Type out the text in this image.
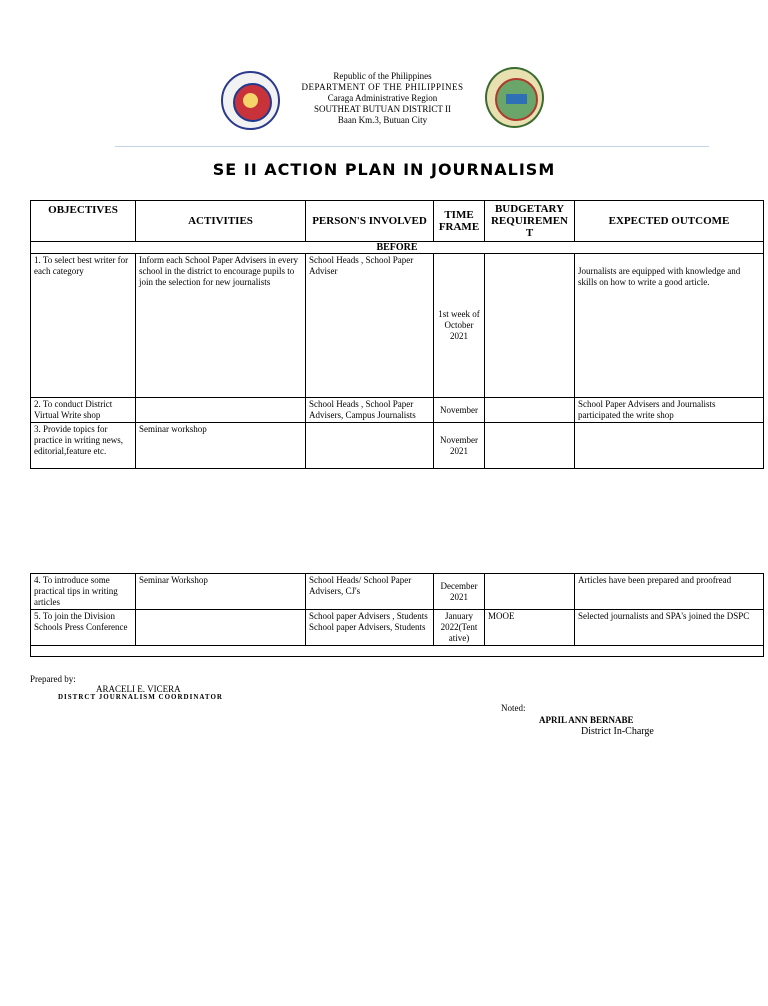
Republic of the Philippines
DEPARTMENT OF THE PHILIPPINES
Caraga Administrative Region
SOUTHEAT BUTUAN DISTRICT II
Baan Km.3, Butuan City
SE II ACTION PLAN IN JOURNALISM
OBJECTIVES	ACTIVITIES	PERSON'S INVOLVED	TIME FRAME	BUDGETARY REQUIREMEN T	EXPECTED OUTCOME
BEFORE					
1. To select best writer for each category	Inform each School Paper Advisers in every school in the district to encourage pupils to join the selection for new journalists	School Heads , School Paper Adviser	1st week of October 2021		Journalists are equipped with knowledge and skills on how to write a good article.
2. To conduct District Virtual Write shop		School Heads , School Paper Advisers, Campus Journalists	November		School Paper Advisers and Journalists participated the write shop
3. Provide topics for practice in writing news, editorial,feature etc.	Seminar workshop		November 2021		
4. To introduce some practical tips in writing articles	Seminar Workshop	School Heads/ School Paper Advisers, CJ's	December 2021		Articles have been prepared and proofread
5. To join the Division Schools Press Conference		School paper Advisers , Students School paper Advisers, Students	January 2022(Tent ative)	MOOE	Selected journalists and SPA's joined the DSPC

Prepared by:
ARACELI E. VICERA
DISTRCT JOURNALISM COORDINATOR
Noted:
APRIL ANN BERNABE
District In-Charge
